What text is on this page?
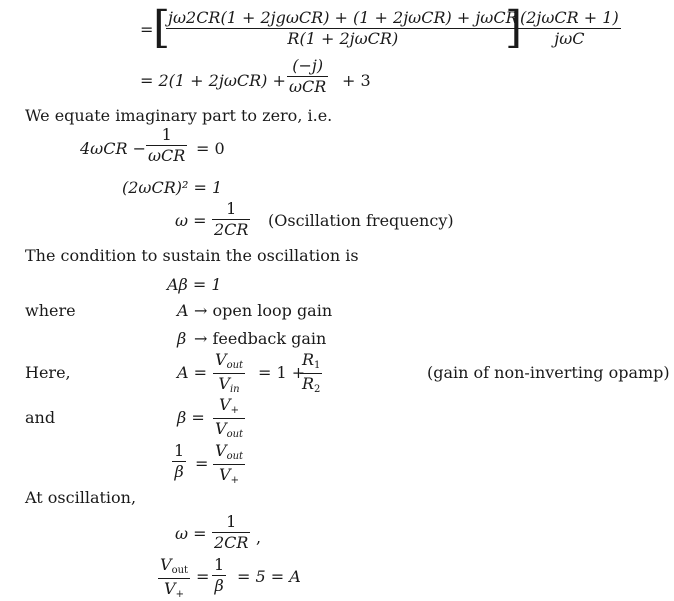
= [
jω2CR(1 + 2jgωCR) + (1 + 2jωCR) + jωCR
R(1 + 2jωCR)	]
(2jωCR + 1)
jωC
= 2(1 + 2jωCR) +
(−j)
ωCR + 3
We equate imaginary part to zero, i.e.
4ωCR −
1
ωCR = 0
(2ωCR)² = 1
ω =
1
2CR (Oscillation frequency)
The condition to sustain the oscillation is
Aβ = 1
where	A → open loop gain
β → feedback gain
Here,	A =
$V_{out}$
$V_{in}$
= 1 +
$R_1$
$R_2$
(gain of non-inverting opamp)
and	β =
$V_+$
$V_{out}$
1
β =
$V_{out}$
$V_+$
At oscillation,
ω =
1
2CR ,
$V_{out}$
$V_+$
=
1
β = 5 = A
